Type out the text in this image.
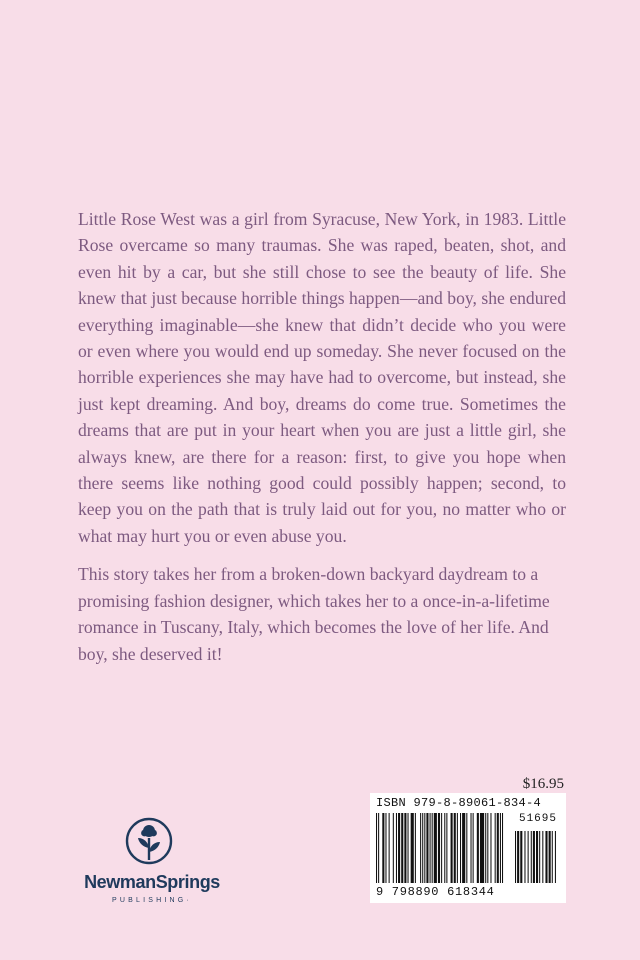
Little Rose West was a girl from Syracuse, New York, in 1983. Little Rose overcame so many traumas. She was raped, beaten, shot, and even hit by a car, but she still chose to see the beauty of life. She knew that just because horrible things happen—and boy, she endured everything imaginable—she knew that didn’t decide who you were or even where you would end up someday. She never focused on the horrible experiences she may have had to overcome, but instead, she just kept dreaming. And boy, dreams do come true. Sometimes the dreams that are put in your heart when you are just a little girl, she always knew, are there for a reason: first, to give you hope when there seems like nothing good could possibly happen; second, to keep you on the path that is truly laid out for you, no matter who or what may hurt you or even abuse you.

This story takes her from a broken-down backyard daydream to a promising fashion designer, which takes her to a once-in-a-lifetime romance in Tuscany, Italy, which becomes the love of her life. And boy, she deserved it!

NewmanSprings
PUBLISHING·
$16.95
ISBN 979-8-89061-834-4
51695
9 798890 618344
